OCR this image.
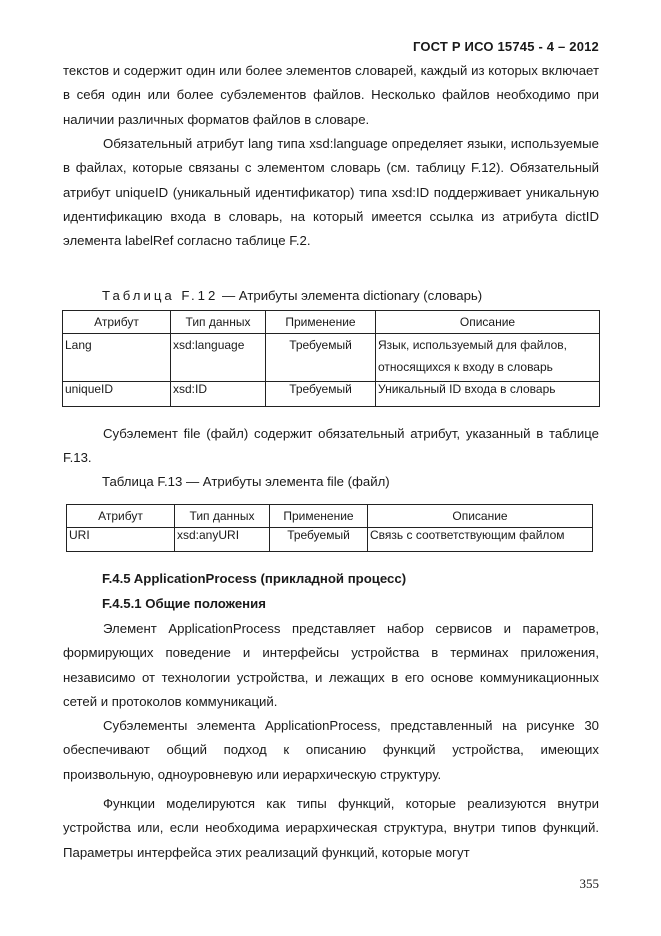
ГОСТ Р ИСО 15745 - 4 – 2012

текстов и содержит один или более элементов словарей, каждый из которых включает в себя один или более субэлементов файлов. Несколько файлов необходимо при наличии различных форматов файлов в словаре.

Обязательный атрибут lang типа xsd:language определяет языки, используемые в файлах, которые связаны с элементом словарь (см. таблицу F.12). Обязательный атрибут uniqueID (уникальный идентификатор) типа xsd:ID поддерживает уникальную идентификацию входа в словарь, на который имеется ссылка из атрибута dictID элемента labelRef согласно таблице F.2.

Таблица F.12 — Атрибуты элемента dictionary (словарь)
Атрибут	Тип данных	Применение	Описание
Lang	xsd:language	Требуемый	Язык, используемый для файлов, относящихся к входу в словарь
uniqueID	xsd:ID	Требуемый	Уникальный ID входа в словарь

Субэлемент file (файл) содержит обязательный атрибут, указанный в таблице F.13.

Таблица F.13 — Атрибуты элемента file (файл)
Атрибут	Тип данных	Применение	Описание
URI	xsd:anyURI	Требуемый	Связь с соответствующим файлом
F.4.5 ApplicationProcess (прикладной процесс)
F.4.5.1 Общие положения

Элемент ApplicationProcess представляет набор сервисов и параметров, формирующих поведение и интерфейсы устройства в терминах приложения, независимо от технологии устройства, и лежащих в его основе коммуникационных сетей и протоколов коммуникаций.

Субэлементы элемента ApplicationProcess, представленный на рисунке 30 обеспечивают общий подход к описанию функций устройства, имеющих произвольную, одноуровневую или иерархическую структуру.

Функции моделируются как типы функций, которые реализуются внутри устройства или, если необходима иерархическая структура, внутри типов функций. Параметры интерфейса этих реализаций функций, которые могут

355
